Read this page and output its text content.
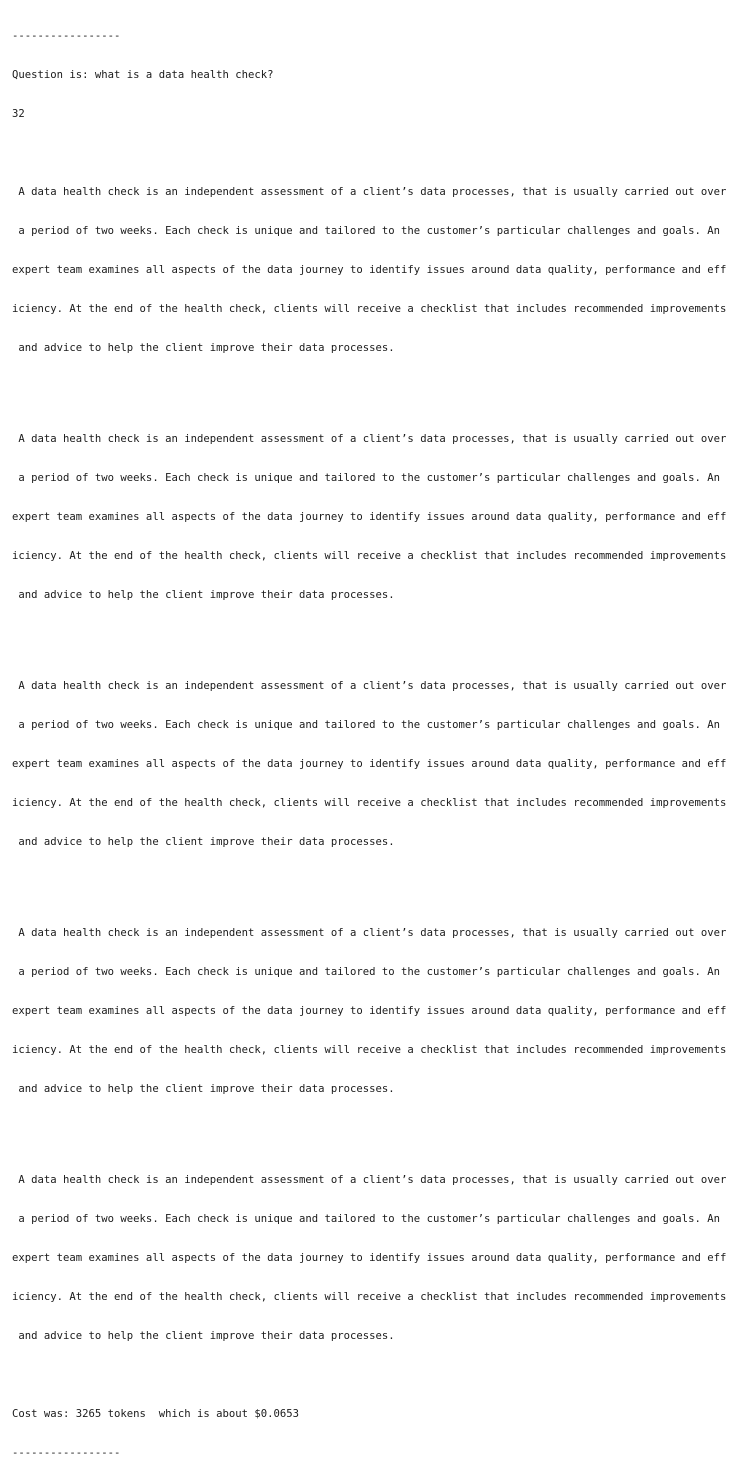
-----------------

Question is: what is a data health check?

32

A data health check is an independent assessment of a client’s data processes, that is usually carried out over

a period of two weeks. Each check is unique and tailored to the customer’s particular challenges and goals. An

expert team examines all aspects of the data journey to identify issues around data quality, performance and eff

iciency. At the end of the health check, clients will receive a checklist that includes recommended improvements

and advice to help the client improve their data processes.

A data health check is an independent assessment of a client’s data processes, that is usually carried out over

a period of two weeks. Each check is unique and tailored to the customer’s particular challenges and goals. An

expert team examines all aspects of the data journey to identify issues around data quality, performance and eff

iciency. At the end of the health check, clients will receive a checklist that includes recommended improvements

and advice to help the client improve their data processes.

A data health check is an independent assessment of a client’s data processes, that is usually carried out over

a period of two weeks. Each check is unique and tailored to the customer’s particular challenges and goals. An

expert team examines all aspects of the data journey to identify issues around data quality, performance and eff

iciency. At the end of the health check, clients will receive a checklist that includes recommended improvements

and advice to help the client improve their data processes.

A data health check is an independent assessment of a client’s data processes, that is usually carried out over

a period of two weeks. Each check is unique and tailored to the customer’s particular challenges and goals. An

expert team examines all aspects of the data journey to identify issues around data quality, performance and eff

iciency. At the end of the health check, clients will receive a checklist that includes recommended improvements

and advice to help the client improve their data processes.

A data health check is an independent assessment of a client’s data processes, that is usually carried out over

a period of two weeks. Each check is unique and tailored to the customer’s particular challenges and goals. An

expert team examines all aspects of the data journey to identify issues around data quality, performance and eff

iciency. At the end of the health check, clients will receive a checklist that includes recommended improvements

and advice to help the client improve their data processes.

Cost was: 3265 tokens  which is about $0.0653

-----------------
